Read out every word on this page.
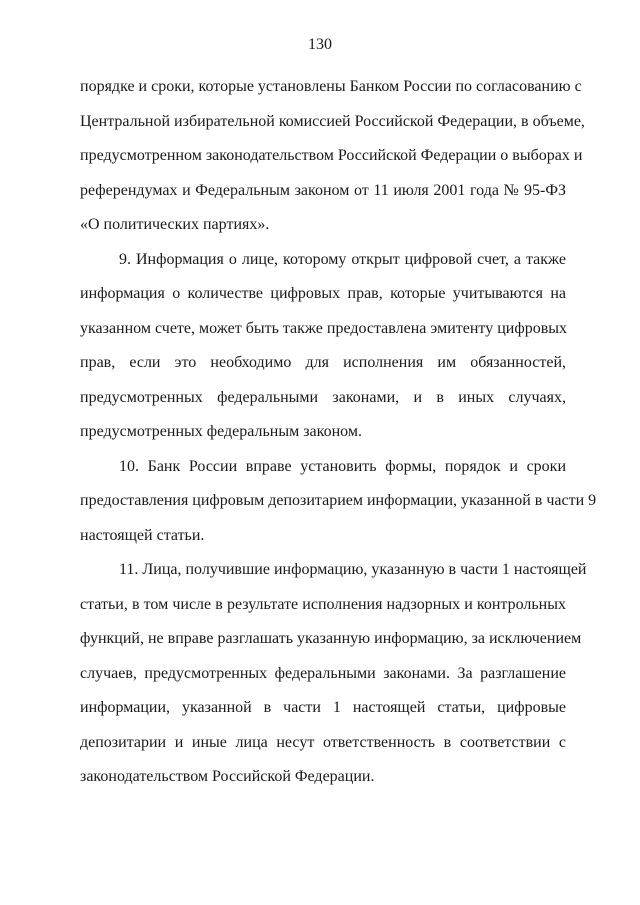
130
порядке и сроки, которые установлены Банком России по согласованию с
Центральной избирательной комиссией Российской Федерации, в объеме,
предусмотренном законодательством Российской Федерации о выборах и
референдумах и Федеральным законом от 11 июля 2001 года № 95-ФЗ
«О политических партиях».
9. Информация о лице, которому открыт цифровой счет, а также
информация о количестве цифровых прав, которые учитываются на
указанном счете, может быть также предоставлена эмитенту цифровых
прав, если это необходимо для исполнения им обязанностей,
предусмотренных федеральными законами, и в иных случаях,
предусмотренных федеральным законом.
10. Банк России вправе установить формы, порядок и сроки
предоставления цифровым депозитарием информации, указанной в части 9
настоящей статьи.
11. Лица, получившие информацию, указанную в части 1 настоящей
статьи, в том числе в результате исполнения надзорных и контрольных
функций, не вправе разглашать указанную информацию, за исключением
случаев, предусмотренных федеральными законами. За разглашение
информации, указанной в части 1 настоящей статьи, цифровые
депозитарии и иные лица несут ответственность в соответствии с
законодательством Российской Федерации.
